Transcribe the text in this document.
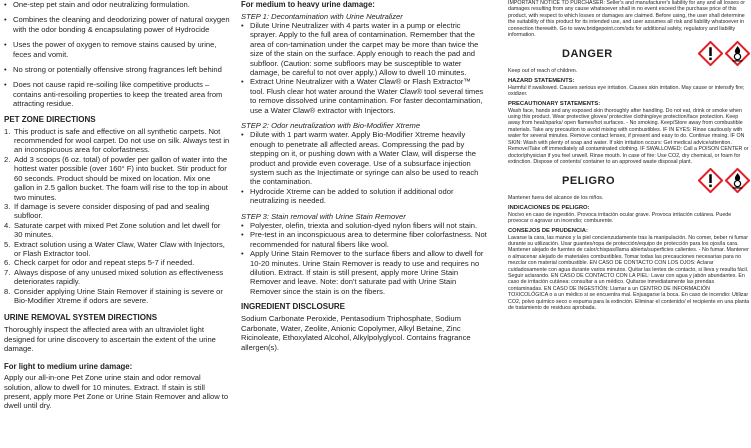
• One-step pet stain and odor neutralizing formulation.
• Combines the cleaning and deodorizing power of natural oxygen with the odor bonding & encapsulating power of Hydrocide
• Uses the power of oxygen to remove stains caused by urine, feces and vomit.
• No strong or potentially offensive strong fragrances left behind
• Does not cause rapid re-soiling like competitive products – contains anti-resoiling properties to keep the treated area from attracting residue.
PET ZONE DIRECTIONS
1. This product is safe and effective on all synthetic carpets. Not recommended for wool carpet. Do not use on silk. Always test in an inconspicuous area for colorfastness.
2. Add 3 scoops (6 oz. total) of powder per gallon of water into the hottest water possible (over 160° F) into bucket. Stir product for 60 seconds. Product should be mixed on location. Mix one gallon in 2.5 gallon bucket. The foam will rise to the top in about two minutes.
3. If damage is severe consider disposing of pad and sealing subfloor.
4. Saturate carpet with mixed Pet Zone solution and let dwell for 30 minutes.
5. Extract solution using a Water Claw, Water Claw with Injectors, or Flash Extractor tool.
6. Check carpet for odor and repeat steps 5-7 if needed.
7. Always dispose of any unused mixed solution as effectiveness deteriorates rapidly.
8. Consider applying Urine Stain Remover if staining is severe or Bio-Modifier Xtreme if odors are severe.
URINE REMOVAL SYSTEM DIRECTIONS

Thoroughly inspect the affected area with an ultraviolet light designed for urine discovery to ascertain the extent of the urine damage.

For light to medium urine damage:

Apply our all-in-one Pet Zone urine stain and odor removal solution, allow to dwell for 10 minutes. Extract. If stain is still present, apply more Pet Zone or Urine Stain Remover and allow to dwell until dry.

For medium to heavy urine damage:
STEP 1: Decontamination with Urine Neutralizer
• Dilute Urine Neutralizer with 4 parts water in a pump or electric sprayer. Apply to the full area of contamination. Remember that the area of con-tamination under the carpet may be more than twice the size of the stain on the surface. Apply enough to reach the pad and subfloor. (Caution: some subfloors may be susceptible to water damage, be careful to not over apply.) Allow to dwell 10 minutes.
• Extract Urine Neutralizer with a Water Claw® or Flash Extractor™ tool. Flush clear hot water around the Water Claw® tool several times to remove dissolved urine contamination. For faster decontamination, use a Water Claw® extractor with Injectors.
STEP 2: Odor neutralization with Bio-Modifier Xtreme
• Dilute with 1 part warm water. Apply Bio-Modifier Xtreme heavily enough to penetrate all affected areas. Compressing the pad by stepping on it, or pushing down with a Water Claw, will disperse the product and provide even coverage. Use of a subsurface injection system such as the Injectimate or syringe can also be used to reach the contamination.
• Hydrocide Xtreme can be added to solution if additional odor neutralizing is needed.
STEP 3: Stain removal with Urine Stain Remover
• Polyester, olefin, triexta and solution-dyed nylon fibers will not stain.
• Pre-test in an inconspicuous area to determine fiber colorfastness. Not recommended for natural fibers like wool.
• Apply Urine Stain Remover to the surface fibers and allow to dwell for 10-20 minutes. Urine Stain Remover is ready to use and requires no dilution. Extract. If stain is still present, apply more Urine Stain Remover and leave. Note: don't saturate pad with Urine Stain Remover since the stain is on the fibers.
INGREDIENT DISCLOSURE

Sodium Carbonate Peroxide, Pentasodium Triphosphate, Sodium Carbonate, Water, Zeolite, Anionic Copolymer, Alkyl Betaine, Zinc Ricinoleate, Ethoxylated Alcohol, Alkylpolyglycol. Contains fragrance allergen(s).

IMPORTANT NOTICE TO PURCHASER: Seller's and manufacturer's liability for any and all losses or damages resulting from any cause whatsoever shall in no event exceed the purchase price of this product, with respect to which losses or damages are claimed. Before using, the user shall determine the suitability of this product for its intended use, and user assumes all risk and liability whatsoever in connection therewith. Go to www.bridgepoint.com/sds for additional safety, regulatory and liability information.

DANGER

Keep out of reach of children.

HAZARD STATEMENTS:

Harmful if swallowed. Causes serious eye irritation. Causes skin irritation. May cause or intensify fire; oxidizer.

PRECAUTIONARY STATEMENTS:

Wash face, hands and any exposed skin thoroughly after handling. Do not eat, drink or smoke when using this product. Wear protective gloves/ protective clothing/eye protection/face protection. Keep away from heat/sparks/ open flames/hot surfaces. - No smoking. Keep/Store away from combustible materials. Take any precaution to avoid mixing with combustibles. IF IN EYES: Rinse cautiously with water for several minutes. Remove contact lenses, if present and easy to do. Continue rinsing. IF ON SKIN: Wash with plenty of soap and water. If skin irritation occurs: Get medical advice/attention. Remove/Take off immediately all contaminated clothing. IF SWALLOWED: Call a POISON CENTER or doctor/physician if you feel unwell. Rinse mouth. In case of fire: Use CO2, dry chemical, or foam for extinction. Dispose of contents/ container to an approved waste disposal plant.

PELIGRO

Mantener fuera del alcance de los niños.

INDICACIONES DE PELIGRO:

Nocivo en caso de ingestión. Provoca irritación ocular grave. Provoca irritación cutánea. Puede provocar o agravar un incendio; comburente.

CONSEJOS DE PRUDENCIA:

Lavarse la cara, las manos y la piel concienzudamente tras la manipulación. No comer, beber ni fumar durante su utilización. Usar guantes/ropa de protección/equipo de protección para los ojos/la cara. Mantener alejado de fuentes de calor/chispas/llama abierta/superficies calientes. - No fumar. Mantener o almacenar alejado de materiales combustibles. Tomar todas las precauciones necesarias para no mezclar con material combustible. EN CASO DE CONTACTO CON LOS OJOS: Aclarar cuidadosamente con agua durante varios minutos. Quitar las lentes de contacto, si lleva y resulta fácil. Seguir aclarando. EN CASO DE CONTACTO CON LA PIEL: Lavar con agua y jabón abundantes. En caso de irritación cutánea: consultar a un médico. Quitarse inmediatamente las prendas contaminadas. EN CASO DE INGESTIÓN: Llamar a un CENTRO DE INFORMACIÓN TOXICOLÓGICA o a un médico si se encuentra mal. Enjuagarse la boca. En caso de incendio: Utilizar CO2, polvo químico seco o espuma para la extinción. Eliminar el contenido/ el recipiente en una planta de tratamiento de residuos aprobada.
